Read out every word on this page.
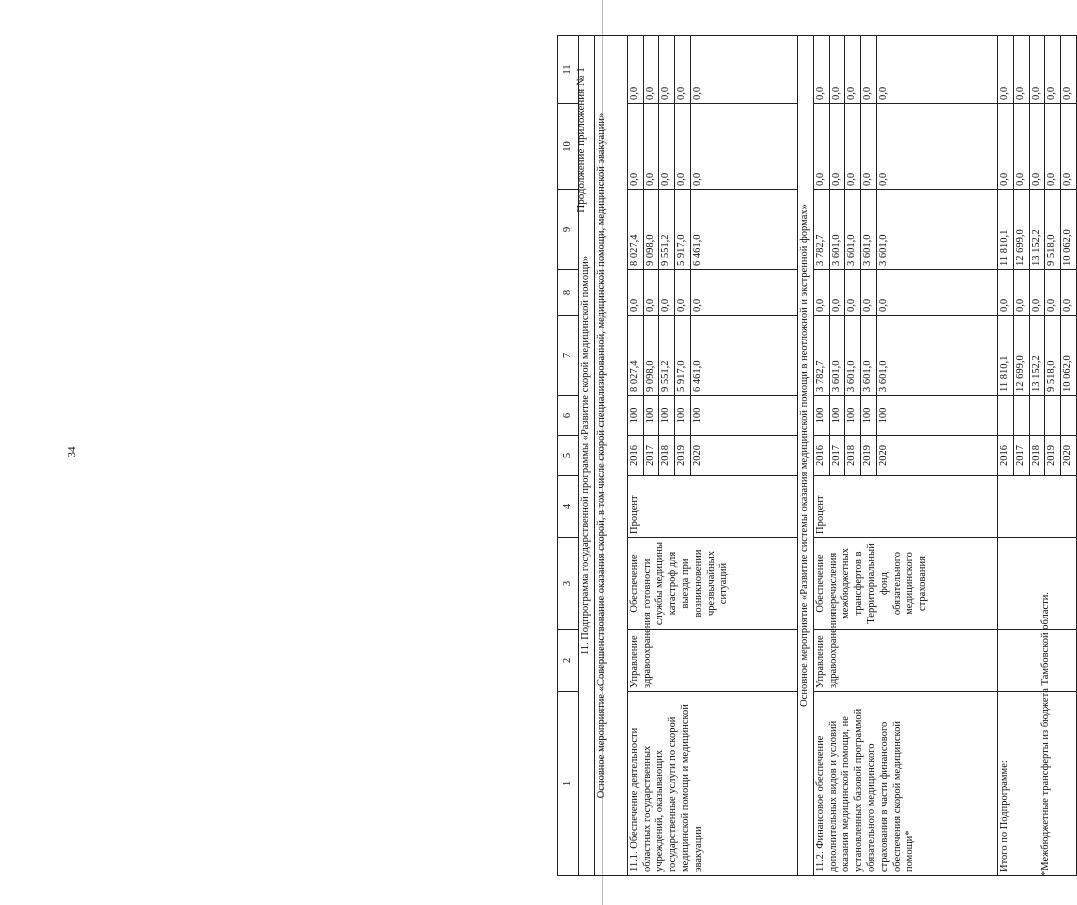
34
Продолжение приложения № 1
1	2	3	4	5	6	7	8	9	10	11
11. Подпрограмма государственной программы «Развитие скорой медицинской помощи»										
Основное мероприятие «Совершенствование оказания скорой, в том числе скорой специализированной, медицинской помощи, медицинской эвакуации»										
11.1. Обеспечение деятельности областных государственных учреждений, оказывающих государственные услуги по скорой медицинской помощи и медицинской эвакуации	Управление здравоохранения	Обеспечение готовности службы медицины катастроф для выезда при возникновении чрезвычайных ситуаций	Процент	2016	100	8 027,4	0,0	8 027,4	0,0	0,0
				2017	100	9 098,0	0,0	9 098,0	0,0	0,0
				2018	100	9 551,2	0,0	9 551,2	0,0	0,0
				2019	100	5 917,0	0,0	5 917,0	0,0	0,0
				2020	100	6 461,0	0,0	6 461,0	0,0	0,0
Основное мероприятие «Развитие системы оказания медицинской помощи в неотложной и экстренной формах»										
11.2. Финансовое обеспечение дополнительных видов и условий оказания медицинской помощи, не установленных базовой программой обязательного медицинского страхования в части финансового обеспечения скорой медицинской помощи*	Управление здравоохранения	Обеспечение перечисления межбюджетных трансфертов в Территориальный фонд обязательного медицинского страхования	Процент	2016	100	3 782,7	0,0	3 782,7	0,0	0,0
				2017	100	3 601,0	0,0	3 601,0	0,0	0,0
				2018	100	3 601,0	0,0	3 601,0	0,0	0,0
				2019	100	3 601,0	0,0	3 601,0	0,0	0,0
				2020	100	3 601,0	0,0	3 601,0	0,0	0,0
Итого по Подпрограмме:				2016		11 810,1	0,0	11 810,1	0,0	0,0
				2017		12 699,0	0,0	12 699,0	0,0	0,0
				2018		13 152,2	0,0	13 152,2	0,0	0,0
				2019		9 518,0	0,0	9 518,0	0,0	0,0
				2020		10 062,0	0,0	10 062,0	0,0	0,0
*Межбюджетные трансферты из бюджета Тамбовской области.
